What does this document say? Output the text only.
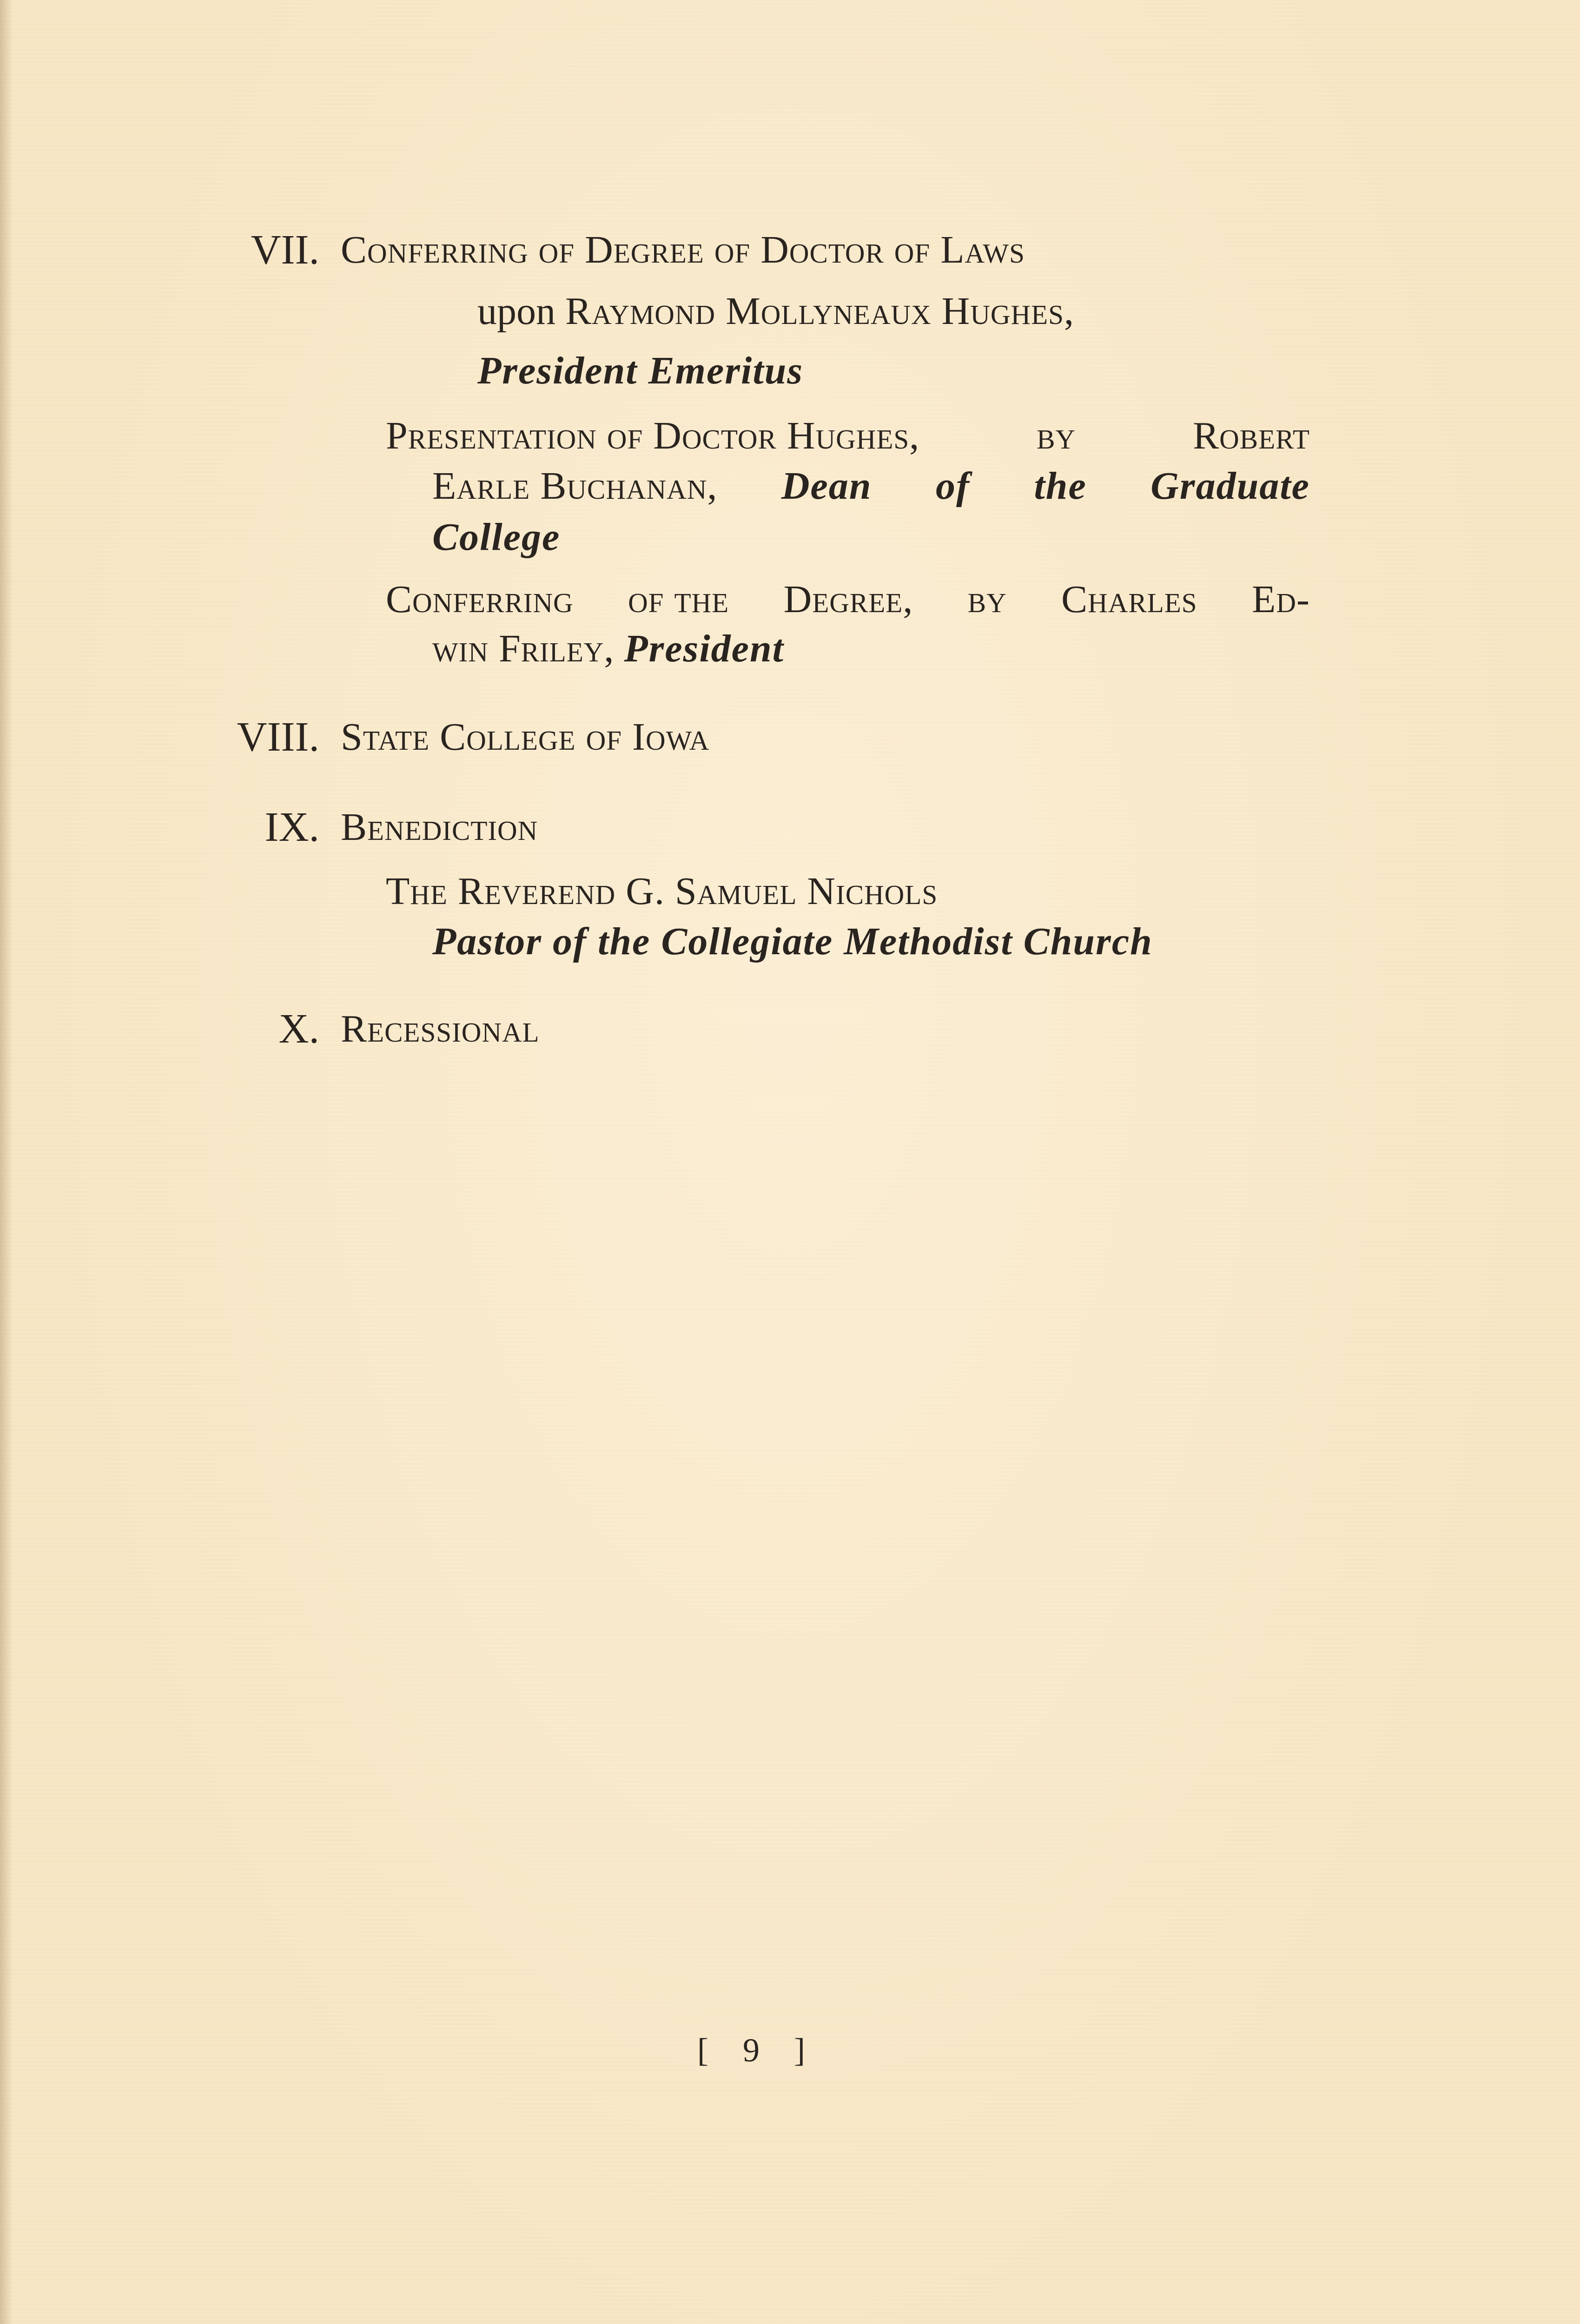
VII. Conferring of Degree of Doctor of Laws
upon Raymond Mollyneaux Hughes,
President Emeritus
Presentation of Doctor Hughes,	by	Robert
Earle Buchanan, Dean of the Graduate
College
Conferring of the Degree, by Charles Ed-
win Friley, President
VIII. State College of Iowa
IX. Benediction
The Reverend G. Samuel Nichols
Pastor of the Collegiate Methodist Church
X. Recessional
[ 9 ]
